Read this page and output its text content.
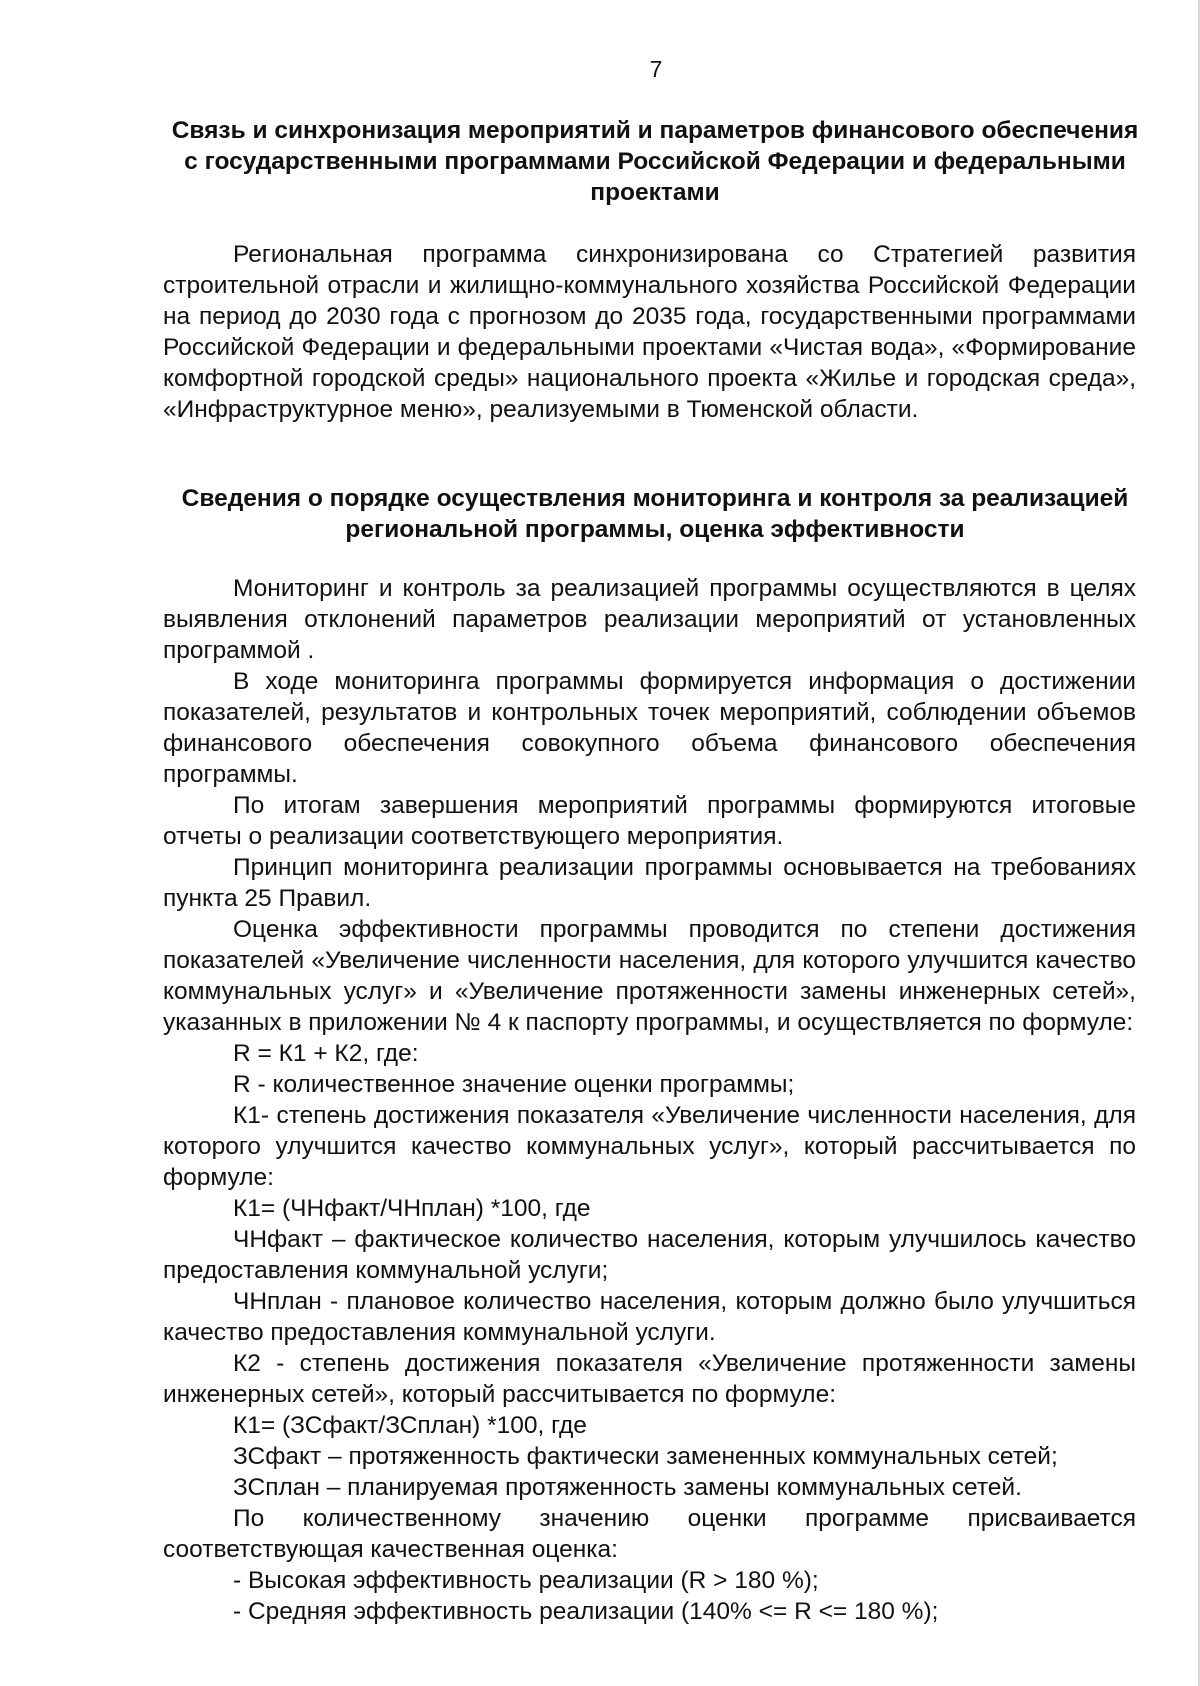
7
Связь и синхронизация мероприятий и параметров финансового обеспечения с государственными программами Российской Федерации и федеральными проектами

Региональная программа синхронизирована со Стратегией развития строительной отрасли и жилищно-коммунального хозяйства Российской Федерации на период до 2030 года с прогнозом до 2035 года, государственными программами Российской Федерации и федеральными проектами «Чистая вода», «Формирование комфортной городской среды» национального проекта «Жилье и городская среда», «Инфраструктурное меню», реализуемыми в Тюменской области.

Сведения о порядке осуществления мониторинга и контроля за реализацией региональной программы, оценка эффективности

Мониторинг и контроль за реализацией программы осуществляются в целях выявления отклонений параметров реализации мероприятий от установленных программой .

В ходе мониторинга программы формируется информация о достижении показателей, результатов и контрольных точек мероприятий, соблюдении объемов финансового обеспечения совокупного объема финансового обеспечения программы.

По итогам завершения мероприятий программы формируются итоговые отчеты о реализации соответствующего мероприятия.

Принцип мониторинга реализации программы основывается на требованиях пункта 25 Правил.

Оценка эффективности программы проводится по степени достижения показателей «Увеличение численности населения, для которого улучшится качество коммунальных услуг» и «Увеличение протяженности замены инженерных сетей», указанных в приложении № 4 к паспорту программы, и осуществляется по формуле:

R = К1 + К2, где:

R - количественное значение оценки программы;

К1- степень достижения показателя «Увеличение численности населения, для которого улучшится качество коммунальных услуг», который рассчитывается по формуле:

К1= (ЧНфакт/ЧНплан) *100, где

ЧНфакт – фактическое количество населения, которым улучшилось качество предоставления коммунальной услуги;

ЧНплан - плановое количество населения, которым должно было улучшиться качество предоставления коммунальной услуги.

К2 - степень достижения показателя «Увеличение протяженности замены инженерных сетей», который рассчитывается по формуле:

К1= (ЗСфакт/ЗСплан) *100, где

ЗСфакт – протяженность фактически замененных коммунальных сетей;

ЗСплан – планируемая протяженность замены коммунальных сетей.

По количественному значению оценки программе присваивается соответствующая качественная оценка:

- Высокая эффективность реализации (R > 180 %);

- Средняя эффективность реализации (140% <= R <= 180 %);
